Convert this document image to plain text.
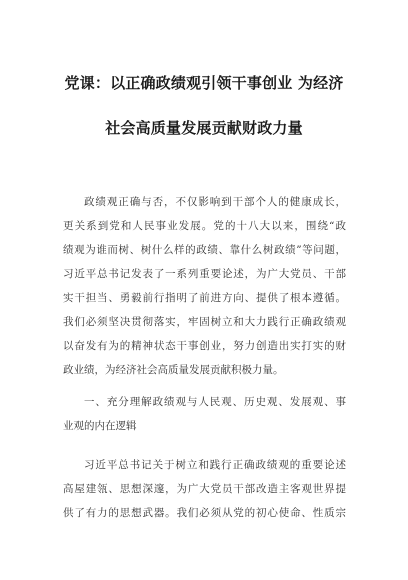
党课：以正确政绩观引领干事创业 为经济
社会高质量发展贡献财政力量
政绩观正确与否，不仅影响到干部个人的健康成长，
更关系到党和人民事业发展。党的十八大以来，围绕“政
绩观为谁而树、树什么样的政绩、靠什么树政绩”等问题，
习近平总书记发表了一系列重要论述，为广大党员、干部
实干担当、勇毅前行指明了前进方向、提供了根本遵循。
我们必须坚决贯彻落实，牢固树立和大力践行正确政绩观
以奋发有为的精神状态干事创业，努力创造出实打实的财
政业绩，为经济社会高质量发展贡献积极力量。
一、充分理解政绩观与人民观、历史观、发展观、事
业观的内在逻辑
习近平总书记关于树立和践行正确政绩观的重要论述
高屋建瓴、思想深邃，为广大党员干部改造主客观世界提
供了有力的思想武器。我们必须从党的初心使命、性质宗
